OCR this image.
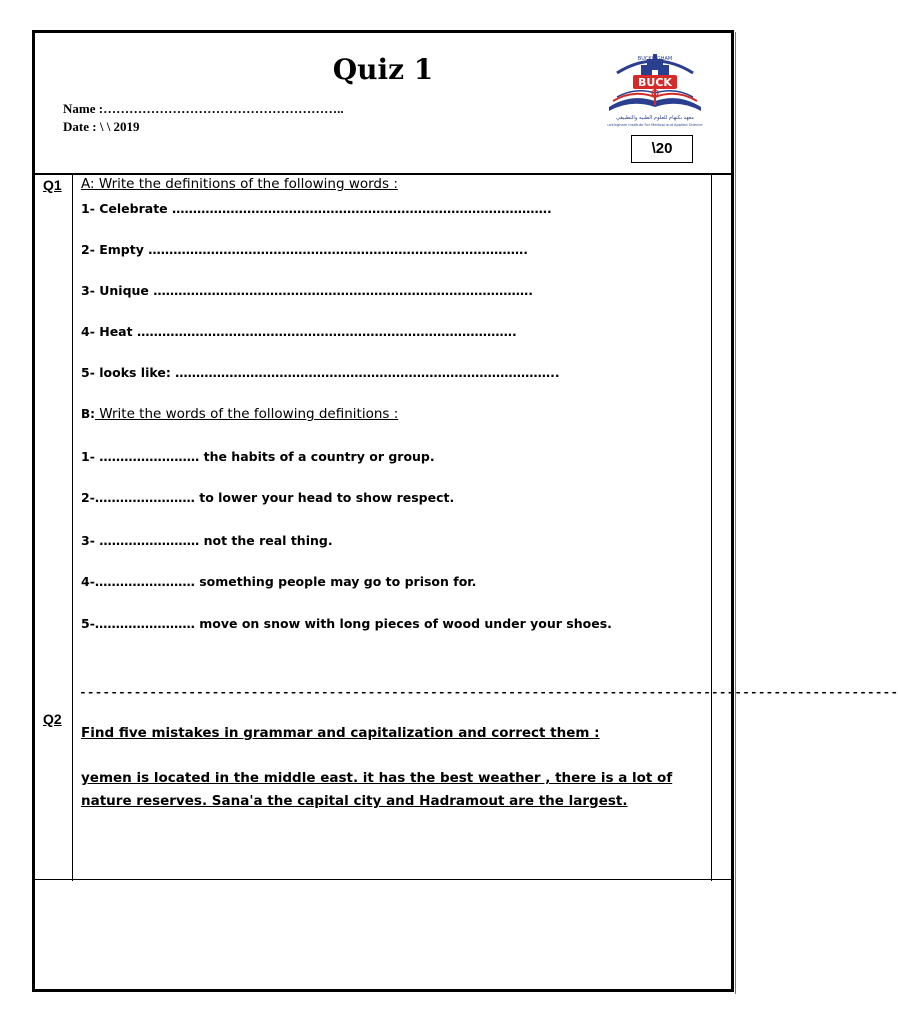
Quiz 1
Name :………………………………………………..
Date : \ \ 2019
BUCKINGHAM
BUCK
معهد بكنهام للعلوم الطبيه والتطبيقي
uckingham Institute For Medical and Applied Science
\20
Q1 A: Write the definitions of the following words :
1- Celebrate ……………………………………………………………………………….
2- Empty ……………………………………………………………………………….
3- Unique ……………………………………………………………………………….
4- Heat ……………………………………………………………………………….
5- looks like: ………………………………………………………………………………..
B: Write the words of the following definitions :
1- …………………… the habits of a country or group.
2-…………………… to lower your head to show respect.
3- …………………… not the real thing.
4-…………………… something people may go to prison for.
5-…………………… move on snow with long pieces of wood under your shoes.
---------------------------------------------------------------------------------------------------------
Q2
Find five mistakes in grammar and capitalization and correct them :
yemen is located in the middle east. it has the best weather , there is a lot of
nature reserves. Sana'a the capital city and Hadramout are the largest.
